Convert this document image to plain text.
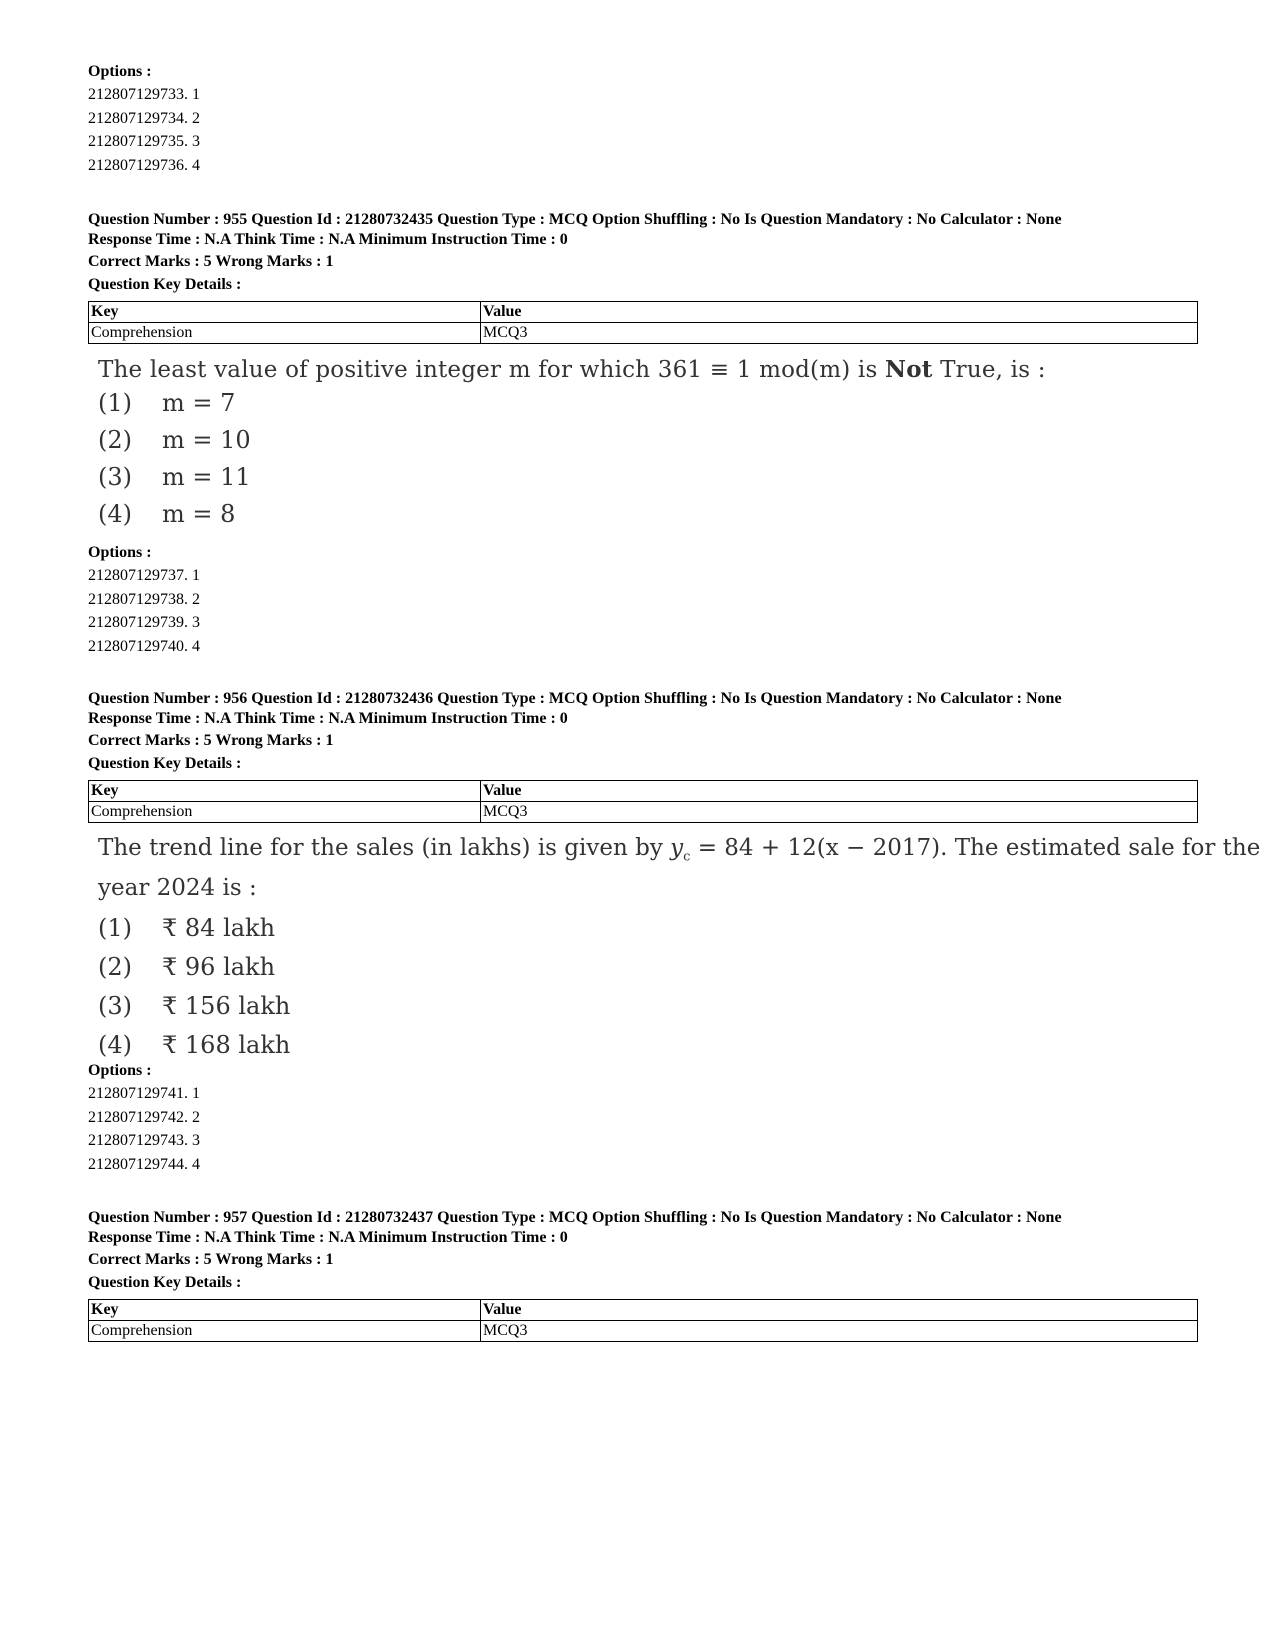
Options :
212807129733. 1
212807129734. 2
212807129735. 3
212807129736. 4
Question Number : 955 Question Id : 21280732435 Question Type : MCQ Option Shuffling : No Is Question Mandatory : No Calculator : None
Response Time : N.A Think Time : N.A Minimum Instruction Time : 0
Correct Marks : 5 Wrong Marks : 1
Question Key Details :
Key	Value
Comprehension	MCQ3
The least value of positive integer m for which 361 ≡ 1 mod(m) is Not True, is :
(1)	m = 7
(2)	m = 10
(3)	m = 11
(4)	m = 8
Options :
212807129737. 1
212807129738. 2
212807129739. 3
212807129740. 4
Question Number : 956 Question Id : 21280732436 Question Type : MCQ Option Shuffling : No Is Question Mandatory : No Calculator : None
Response Time : N.A Think Time : N.A Minimum Instruction Time : 0
Correct Marks : 5 Wrong Marks : 1
Question Key Details :
Key	Value
Comprehension	MCQ3
The trend line for the sales (in lakhs) is given by $y_c = 84 + 12(x - 2017)$. The estimated sale for the
year 2024 is :
(1)	₹ 84 lakh
(2)	₹ 96 lakh
(3)	₹ 156 lakh
(4)	₹ 168 lakh
Options :
212807129741. 1
212807129742. 2
212807129743. 3
212807129744. 4
Question Number : 957 Question Id : 21280732437 Question Type : MCQ Option Shuffling : No Is Question Mandatory : No Calculator : None
Response Time : N.A Think Time : N.A Minimum Instruction Time : 0
Correct Marks : 5 Wrong Marks : 1
Question Key Details :
Key	Value
Comprehension	MCQ3
